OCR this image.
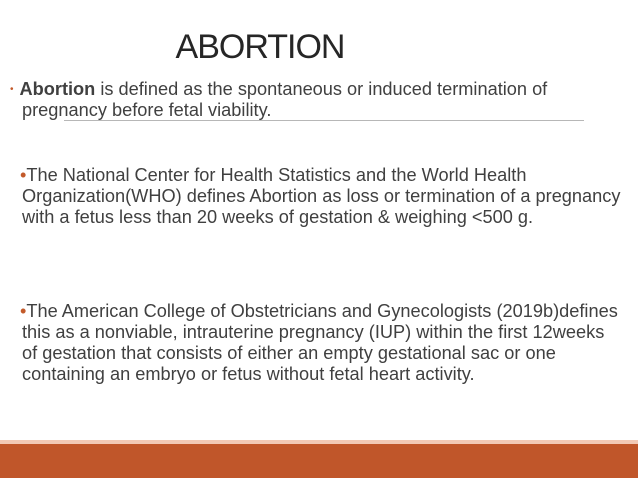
ABORTION
• Abortion is defined as the spontaneous or induced termination of pregnancy before fetal viability.
•The National Center for Health Statistics and the World Health Organization(WHO) defines Abortion as loss or termination of a pregnancy with a fetus less than 20 weeks of gestation & weighing <500 g.
•The American College of Obstetricians and Gynecologists (2019b)defines this as a nonviable, intrauterine pregnancy (IUP) within the first 12weeks of gestation that consists of either an empty gestational sac or one containing an embryo or fetus without fetal heart activity.
